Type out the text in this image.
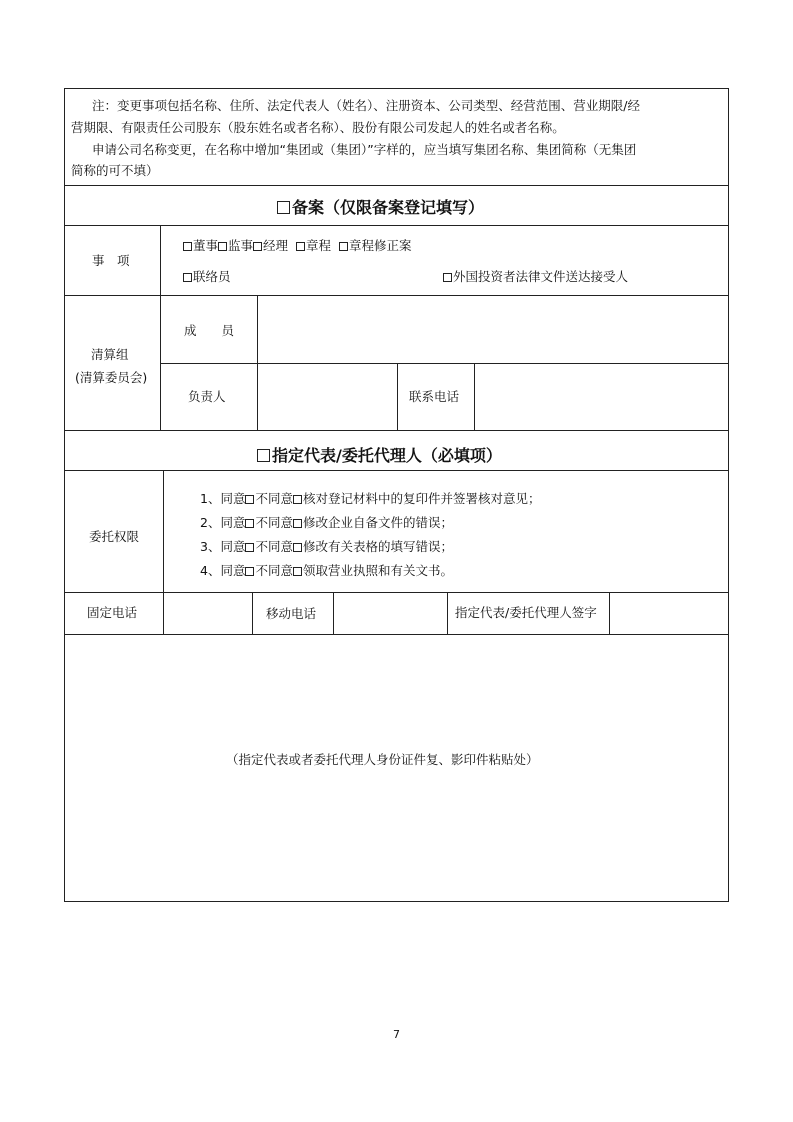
注：变更事项包括名称、住所、法定代表人（姓名）、注册资本、公司类型、经营范围、营业期限/经
营期限、有限责任公司股东（股东姓名或者名称）、股份有限公司发起人的姓名或者名称。
申请公司名称变更，在名称中增加“集团或（集团）”字样的，应当填写集团名称、集团简称（无集团
简称的可不填）
备案（仅限备案登记填写）
事　项
董事 监事 经理 章程 章程修正案
联络员	外国投资者法律文件送达接受人
清算组
(清算委员会)
成　　员
负责人	联系电话
指定代表/委托代理人（必填项）
委托权限
1、同意 不同意 核对登记材料中的复印件并签署核对意见；
2、同意 不同意 修改企业自备文件的错误；
3、同意 不同意 修改有关表格的填写错误；
4、同意 不同意 领取营业执照和有关文书。
固定电话	移动电话	指定代表/委托代理人签字
（指定代表或者委托代理人身份证件复、影印件粘贴处）
7
